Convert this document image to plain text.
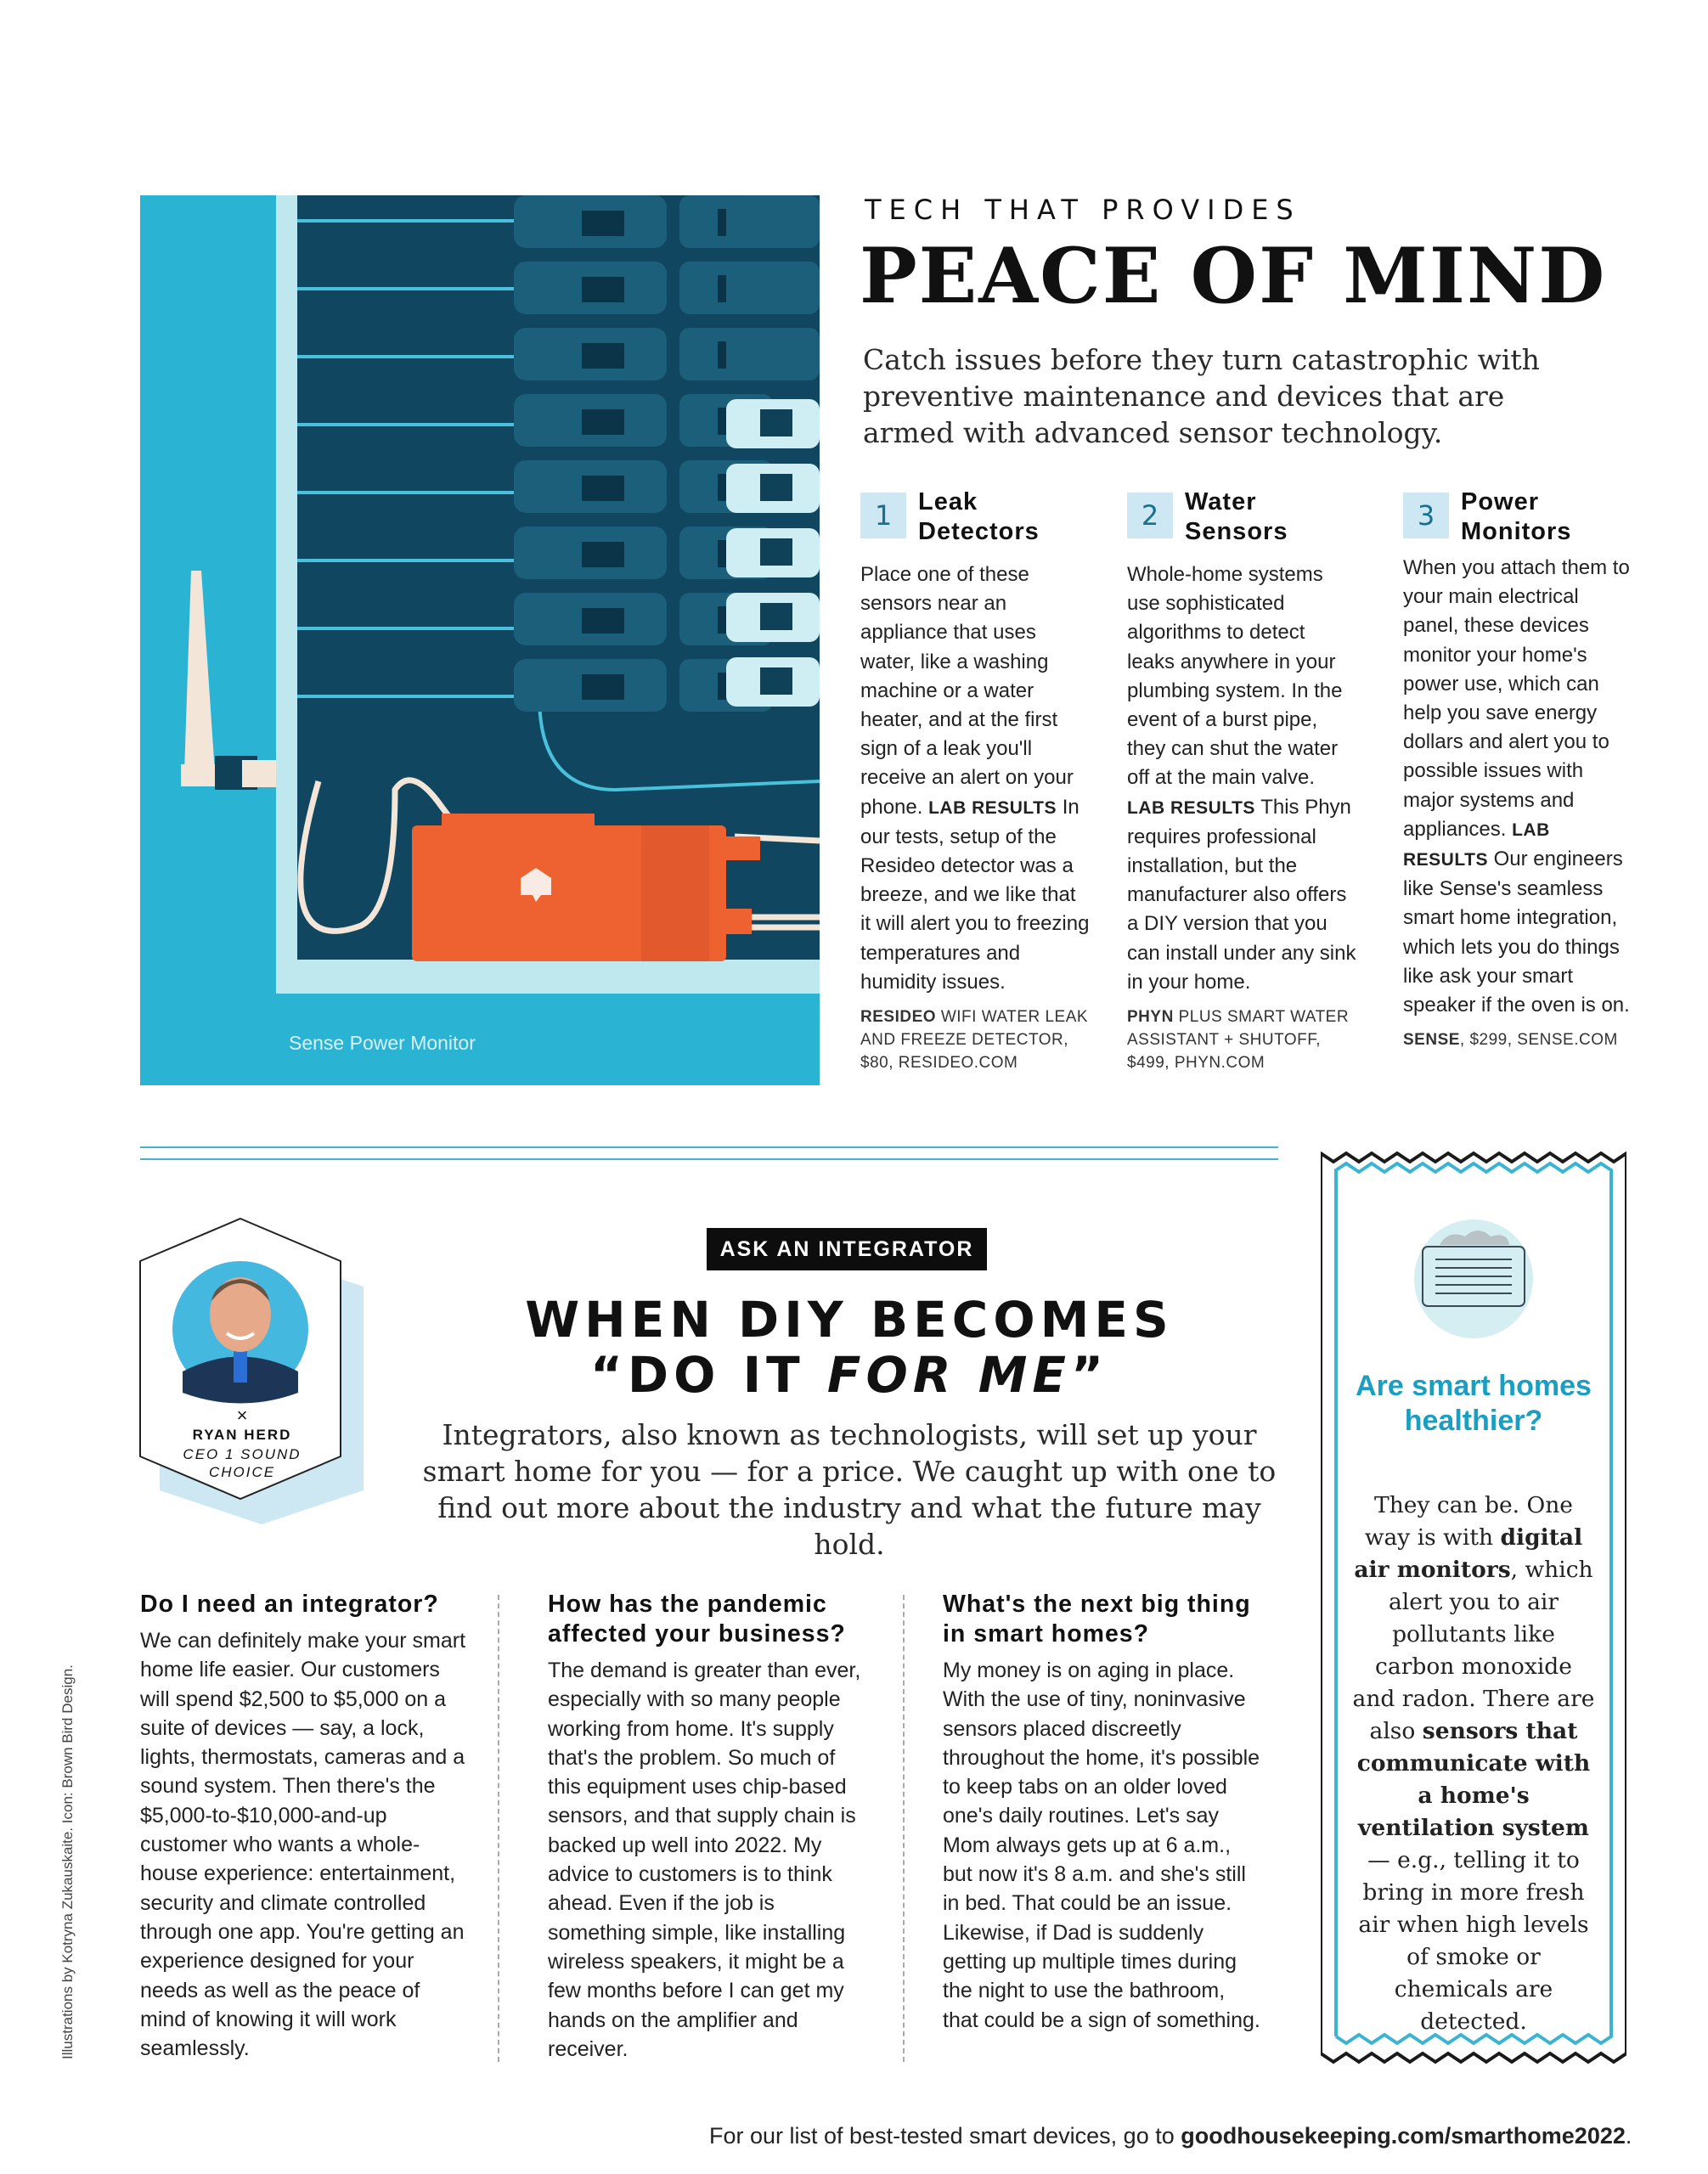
Sense Power Monitor
TECH THAT PROVIDES
PEACE OF MIND
Catch issues before they turn catastrophic with preventive maintenance and devices that are armed with advanced sensor technology.
1	Leak Detectors
Place one of these sensors near an appliance that uses water, like a washing machine or a water heater, and at the first sign of a leak you'll receive an alert on your phone. LAB RESULTS In our tests, setup of the Resideo detector was a breeze, and we like that it will alert you to freezing temperatures and humidity issues.
RESIDEO WIFI WATER LEAK AND FREEZE DETECTOR, $80, RESIDEO.COM
2	Water Sensors
Whole-home systems use sophisticated algorithms to detect leaks anywhere in your plumbing system. In the event of a burst pipe, they can shut the water off at the main valve. LAB RESULTS This Phyn requires professional installation, but the manufacturer also offers a DIY version that you can install under any sink in your home.
PHYN PLUS SMART WATER ASSISTANT + SHUTOFF, $499, PHYN.COM
3	Power Monitors
When you attach them to your main electrical panel, these devices monitor your home's power use, which can help you save energy dollars and alert you to possible issues with major systems and appliances. LAB RESULTS Our engineers like Sense's seamless smart home integration, which lets you do things like ask your smart speaker if the oven is on.
SENSE, $299, SENSE.COM
×
RYAN HERD
CEO 1 SOUND CHOICE
ASK AN INTEGRATOR
WHEN DIY BECOMES
“DO IT FOR ME”
Integrators, also known as technologists, will set up your smart home for you — for a price. We caught up with one to find out more about the industry and what the future may hold.
Do I need an integrator?
We can definitely make your smart home life easier. Our customers will spend $2,500 to $5,000 on a suite of devices — say, a lock, lights, thermostats, cameras and a sound system. Then there's the $5,000-to-$10,000-and-up customer who wants a whole-house experience: entertainment, security and climate controlled through one app. You're getting an experience designed for your needs as well as the peace of mind of knowing it will work seamlessly.
How has the pandemic affected your business?
The demand is greater than ever, especially with so many people working from home. It's supply that's the problem. So much of this equipment uses chip-based sensors, and that supply chain is backed up well into 2022. My advice to customers is to think ahead. Even if the job is something simple, like installing wireless speakers, it might be a few months before I can get my hands on the amplifier and receiver.
What's the next big thing in smart homes?
My money is on aging in place. With the use of tiny, noninvasive sensors placed discreetly throughout the home, it's possible to keep tabs on an older loved one's daily routines. Let's say Mom always gets up at 6 a.m., but now it's 8 a.m. and she's still in bed. That could be an issue. Likewise, if Dad is suddenly getting up multiple times during the night to use the bathroom, that could be a sign of something.
Illustrations by Kotryna Zukauskaite. Icon: Brown Bird Design.
Are smart homes healthier?
They can be. One way is with digital air monitors, which alert you to air pollutants like carbon monoxide and radon. There are also sensors that communicate with a home's ventilation system — e.g., telling it to bring in more fresh air when high levels of smoke or chemicals are detected.
For our list of best-tested smart devices, go to goodhousekeeping.com/smarthome2022.
